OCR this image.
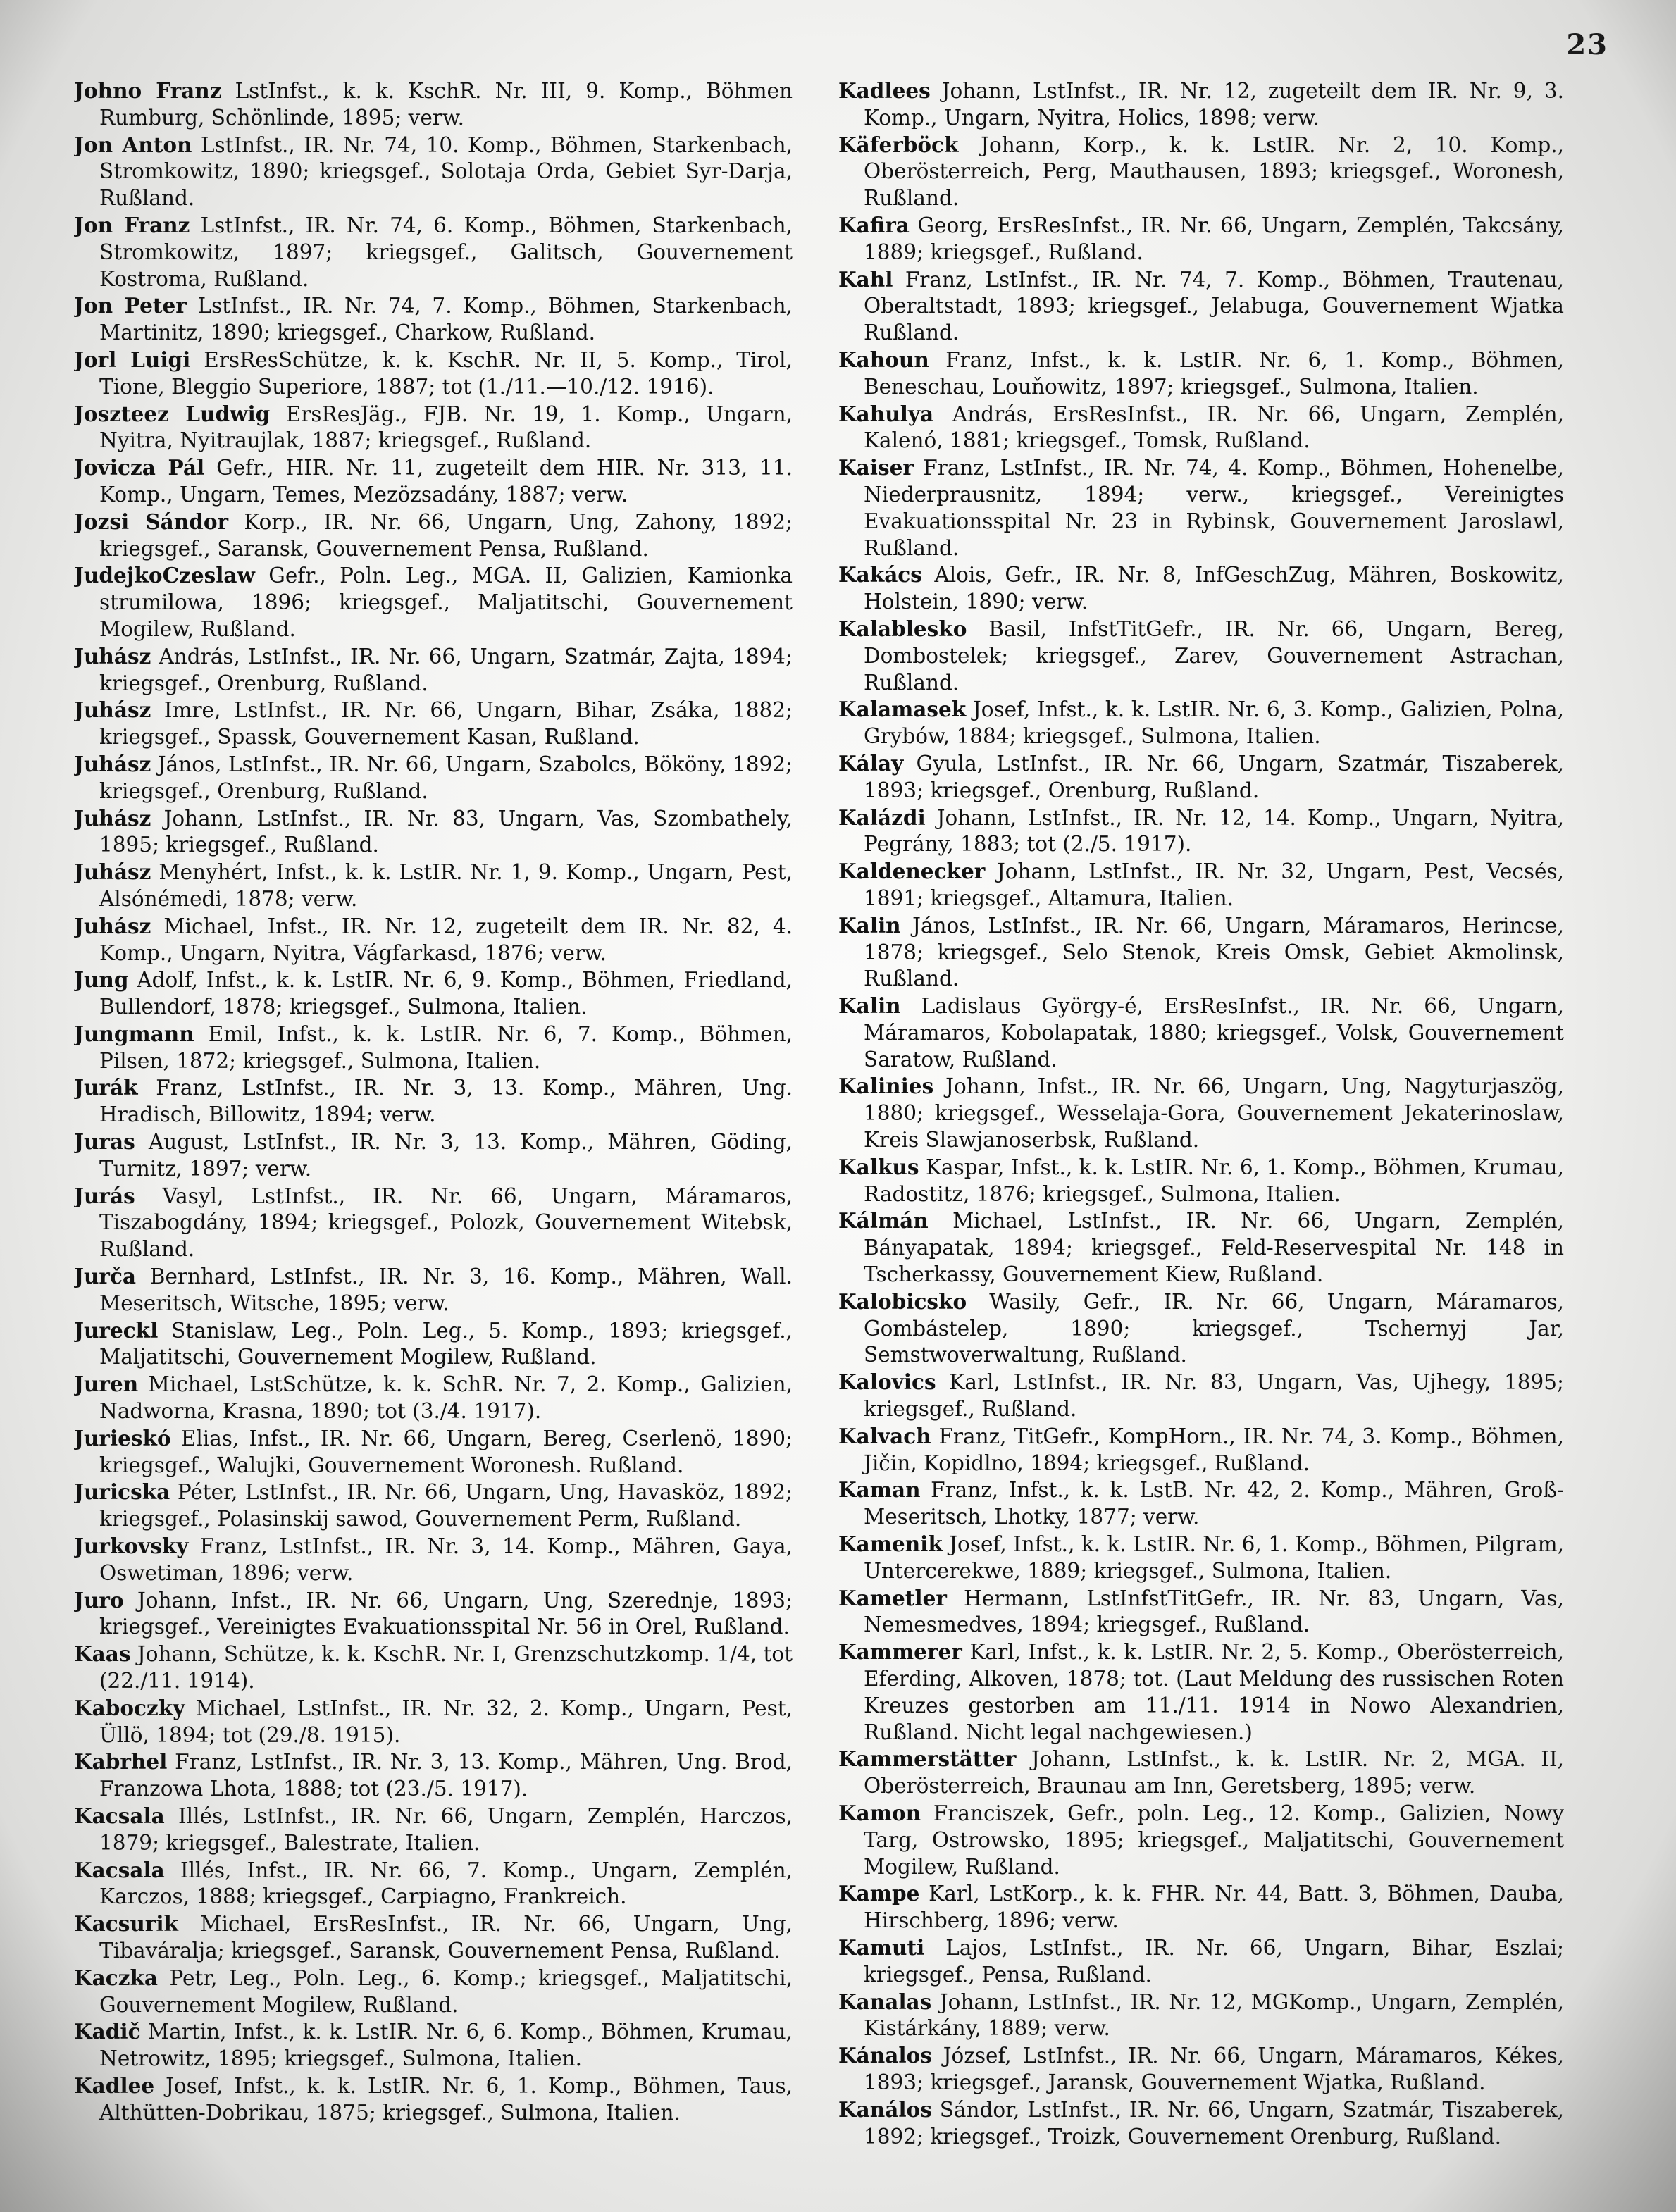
23

Johno Franz LstInfst., k. k. KschR. Nr. III, 9. Komp., Böhmen Rumburg, Schönlinde, 1895; verw.

Jon Anton LstInfst., IR. Nr. 74, 10. Komp., Böhmen, Starkenbach, Stromkowitz, 1890; kriegsgef., Solotaja Orda, Gebiet Syr-Darja, Rußland.

Jon Franz LstInfst., IR. Nr. 74, 6. Komp., Böhmen, Starkenbach, Stromkowitz, 1897; kriegsgef., Galitsch, Gouvernement Kostroma, Rußland.

Jon Peter LstInfst., IR. Nr. 74, 7. Komp., Böhmen, Starkenbach, Martinitz, 1890; kriegsgef., Charkow, Rußland.

Jorl Luigi ErsResSchütze, k. k. KschR. Nr. II, 5. Komp., Tirol, Tione, Bleggio Superiore, 1887; tot (1./11.—10./12. 1916).

Joszteez Ludwig ErsResJäg., FJB. Nr. 19, 1. Komp., Ungarn, Nyitra, Nyitraujlak, 1887; kriegsgef., Rußland.

Jovicza Pál Gefr., HIR. Nr. 11, zugeteilt dem HIR. Nr. 313, 11. Komp., Ungarn, Temes, Mezözsadány, 1887; verw.

Jozsi Sándor Korp., IR. Nr. 66, Ungarn, Ung, Zahony, 1892; kriegsgef., Saransk, Gouvernement Pensa, Rußland.

JudejkoCzeslaw Gefr., Poln. Leg., MGA. II, Galizien, Kamionka strumilowa, 1896; kriegsgef., Maljatitschi, Gouvernement Mogilew, Rußland.

Juhász András, LstInfst., IR. Nr. 66, Ungarn, Szatmár, Zajta, 1894; kriegsgef., Orenburg, Rußland.

Juhász Imre, LstInfst., IR. Nr. 66, Ungarn, Bihar, Zsáka, 1882; kriegsgef., Spassk, Gouvernement Kasan, Rußland.

Juhász János, LstInfst., IR. Nr. 66, Ungarn, Szabolcs, Bököny, 1892; kriegsgef., Orenburg, Rußland.

Juhász Johann, LstInfst., IR. Nr. 83, Ungarn, Vas, Szombathely, 1895; kriegsgef., Rußland.

Juhász Menyhért, Infst., k. k. LstIR. Nr. 1, 9. Komp., Ungarn, Pest, Alsónémedi, 1878; verw.

Juhász Michael, Infst., IR. Nr. 12, zugeteilt dem IR. Nr. 82, 4. Komp., Ungarn, Nyitra, Vágfarkasd, 1876; verw.

Jung Adolf, Infst., k. k. LstIR. Nr. 6, 9. Komp., Böhmen, Friedland, Bullendorf, 1878; kriegsgef., Sulmona, Italien.

Jungmann Emil, Infst., k. k. LstIR. Nr. 6, 7. Komp., Böhmen, Pilsen, 1872; kriegsgef., Sulmona, Italien.

Jurák Franz, LstInfst., IR. Nr. 3, 13. Komp., Mähren, Ung. Hradisch, Billowitz, 1894; verw.

Juras August, LstInfst., IR. Nr. 3, 13. Komp., Mähren, Göding, Turnitz, 1897; verw.

Jurás Vasyl, LstInfst., IR. Nr. 66, Ungarn, Máramaros, Tiszabogdány, 1894; kriegsgef., Polozk, Gouvernement Witebsk, Rußland.

Jurča Bernhard, LstInfst., IR. Nr. 3, 16. Komp., Mähren, Wall. Meseritsch, Witsche, 1895; verw.

Jureckl Stanislaw, Leg., Poln. Leg., 5. Komp., 1893; kriegsgef., Maljatitschi, Gouvernement Mogilew, Rußland.

Juren Michael, LstSchütze, k. k. SchR. Nr. 7, 2. Komp., Galizien, Nadworna, Krasna, 1890; tot (3./4. 1917).

Jurieskó Elias, Infst., IR. Nr. 66, Ungarn, Bereg, Cserlenö, 1890; kriegsgef., Walujki, Gouvernement Woronesh. Rußland.

Juricska Péter, LstInfst., IR. Nr. 66, Ungarn, Ung, Havasköz, 1892; kriegsgef., Polasinskij sawod, Gouvernement Perm, Rußland.

Jurkovsky Franz, LstInfst., IR. Nr. 3, 14. Komp., Mähren, Gaya, Oswetiman, 1896; verw.

Juro Johann, Infst., IR. Nr. 66, Ungarn, Ung, Szerednje, 1893; kriegsgef., Vereinigtes Evakuationsspital Nr. 56 in Orel, Rußland.

Kaas Johann, Schütze, k. k. KschR. Nr. I, Grenzschutzkomp. 1/4, tot (22./11. 1914).

Kaboczky Michael, LstInfst., IR. Nr. 32, 2. Komp., Ungarn, Pest, Üllö, 1894; tot (29./8. 1915).

Kabrhel Franz, LstInfst., IR. Nr. 3, 13. Komp., Mähren, Ung. Brod, Franzowa Lhota, 1888; tot (23./5. 1917).

Kacsala Illés, LstInfst., IR. Nr. 66, Ungarn, Zemplén, Harczos, 1879; kriegsgef., Balestrate, Italien.

Kacsala Illés, Infst., IR. Nr. 66, 7. Komp., Ungarn, Zemplén, Karczos, 1888; kriegsgef., Carpiagno, Frankreich.

Kacsurik Michael, ErsResInfst., IR. Nr. 66, Ungarn, Ung, Tibaváralja; kriegsgef., Saransk, Gouvernement Pensa, Rußland.

Kaczka Petr, Leg., Poln. Leg., 6. Komp.; kriegsgef., Maljatitschi, Gouvernement Mogilew, Rußland.

Kadič Martin, Infst., k. k. LstIR. Nr. 6, 6. Komp., Böhmen, Krumau, Netrowitz, 1895; kriegsgef., Sulmona, Italien.

Kadlee Josef, Infst., k. k. LstIR. Nr. 6, 1. Komp., Böhmen, Taus, Althütten-Dobrikau, 1875; kriegsgef., Sulmona, Italien.

Kadlees Johann, LstInfst., IR. Nr. 12, zugeteilt dem IR. Nr. 9, 3. Komp., Ungarn, Nyitra, Holics, 1898; verw.

Käferböck Johann, Korp., k. k. LstIR. Nr. 2, 10. Komp., Oberösterreich, Perg, Mauthausen, 1893; kriegsgef., Woronesh, Rußland.

Kafira Georg, ErsResInfst., IR. Nr. 66, Ungarn, Zemplén, Takcsány, 1889; kriegsgef., Rußland.

Kahl Franz, LstInfst., IR. Nr. 74, 7. Komp., Böhmen, Trautenau, Oberaltstadt, 1893; kriegsgef., Jelabuga, Gouvernement Wjatka Rußland.

Kahoun Franz, Infst., k. k. LstIR. Nr. 6, 1. Komp., Böhmen, Beneschau, Louňowitz, 1897; kriegsgef., Sulmona, Italien.

Kahulya András, ErsResInfst., IR. Nr. 66, Ungarn, Zemplén, Kalenó, 1881; kriegsgef., Tomsk, Rußland.

Kaiser Franz, LstInfst., IR. Nr. 74, 4. Komp., Böhmen, Hohenelbe, Niederprausnitz, 1894; verw., kriegsgef., Vereinigtes Evakuationsspital Nr. 23 in Rybinsk, Gouvernement Jaroslawl, Rußland.

Kakács Alois, Gefr., IR. Nr. 8, InfGeschZug, Mähren, Boskowitz, Holstein, 1890; verw.

Kalablesko Basil, InfstTitGefr., IR. Nr. 66, Ungarn, Bereg, Dombostelek; kriegsgef., Zarev, Gouvernement Astrachan, Rußland.

Kalamasek Josef, Infst., k. k. LstIR. Nr. 6, 3. Komp., Galizien, Polna, Grybów, 1884; kriegsgef., Sulmona, Italien.

Kálay Gyula, LstInfst., IR. Nr. 66, Ungarn, Szatmár, Tiszaberek, 1893; kriegsgef., Orenburg, Rußland.

Kalázdi Johann, LstInfst., IR. Nr. 12, 14. Komp., Ungarn, Nyitra, Pegrány, 1883; tot (2./5. 1917).

Kaldenecker Johann, LstInfst., IR. Nr. 32, Ungarn, Pest, Vecsés, 1891; kriegsgef., Altamura, Italien.

Kalin János, LstInfst., IR. Nr. 66, Ungarn, Máramaros, Herincse, 1878; kriegsgef., Selo Stenok, Kreis Omsk, Gebiet Akmolinsk, Rußland.

Kalin Ladislaus György-é, ErsResInfst., IR. Nr. 66, Ungarn, Máramaros, Kobolapatak, 1880; kriegsgef., Volsk, Gouvernement Saratow, Rußland.

Kalinies Johann, Infst., IR. Nr. 66, Ungarn, Ung, Nagyturjaszög, 1880; kriegsgef., Wesselaja-Gora, Gouvernement Jekaterinoslaw, Kreis Slawjanoserbsk, Rußland.

Kalkus Kaspar, Infst., k. k. LstIR. Nr. 6, 1. Komp., Böhmen, Krumau, Radostitz, 1876; kriegsgef., Sulmona, Italien.

Kálmán Michael, LstInfst., IR. Nr. 66, Ungarn, Zemplén, Bányapatak, 1894; kriegsgef., Feld-Reservespital Nr. 148 in Tscherkassy, Gouvernement Kiew, Rußland.

Kalobicsko Wasily, Gefr., IR. Nr. 66, Ungarn, Máramaros, Gombástelep, 1890; kriegsgef., Tschernyj Jar, Semstwoverwaltung, Rußland.

Kalovics Karl, LstInfst., IR. Nr. 83, Ungarn, Vas, Ujhegy, 1895; kriegsgef., Rußland.

Kalvach Franz, TitGefr., KompHorn., IR. Nr. 74, 3. Komp., Böhmen, Jičin, Kopidlno, 1894; kriegsgef., Rußland.

Kaman Franz, Infst., k. k. LstB. Nr. 42, 2. Komp., Mähren, Groß-Meseritsch, Lhotky, 1877; verw.

Kamenik Josef, Infst., k. k. LstIR. Nr. 6, 1. Komp., Böhmen, Pilgram, Untercerekwe, 1889; kriegsgef., Sulmona, Italien.

Kametler Hermann, LstInfstTitGefr., IR. Nr. 83, Ungarn, Vas, Nemesmedves, 1894; kriegsgef., Rußland.

Kammerer Karl, Infst., k. k. LstIR. Nr. 2, 5. Komp., Oberösterreich, Eferding, Alkoven, 1878; tot. (Laut Meldung des russischen Roten Kreuzes gestorben am 11./11. 1914 in Nowo Alexandrien, Rußland. Nicht legal nachgewiesen.)

Kammerstätter Johann, LstInfst., k. k. LstIR. Nr. 2, MGA. II, Oberösterreich, Braunau am Inn, Geretsberg, 1895; verw.

Kamon Franciszek, Gefr., poln. Leg., 12. Komp., Galizien, Nowy Targ, Ostrowsko, 1895; kriegsgef., Maljatitschi, Gouvernement Mogilew, Rußland.

Kampe Karl, LstKorp., k. k. FHR. Nr. 44, Batt. 3, Böhmen, Dauba, Hirschberg, 1896; verw.

Kamuti Lajos, LstInfst., IR. Nr. 66, Ungarn, Bihar, Eszlai; kriegsgef., Pensa, Rußland.

Kanalas Johann, LstInfst., IR. Nr. 12, MGKomp., Ungarn, Zemplén, Kistárkány, 1889; verw.

Kánalos József, LstInfst., IR. Nr. 66, Ungarn, Máramaros, Kékes, 1893; kriegsgef., Jaransk, Gouvernement Wjatka, Rußland.

Kanálos Sándor, LstInfst., IR. Nr. 66, Ungarn, Szatmár, Tiszaberek, 1892; kriegsgef., Troizk, Gouvernement Orenburg, Rußland.
